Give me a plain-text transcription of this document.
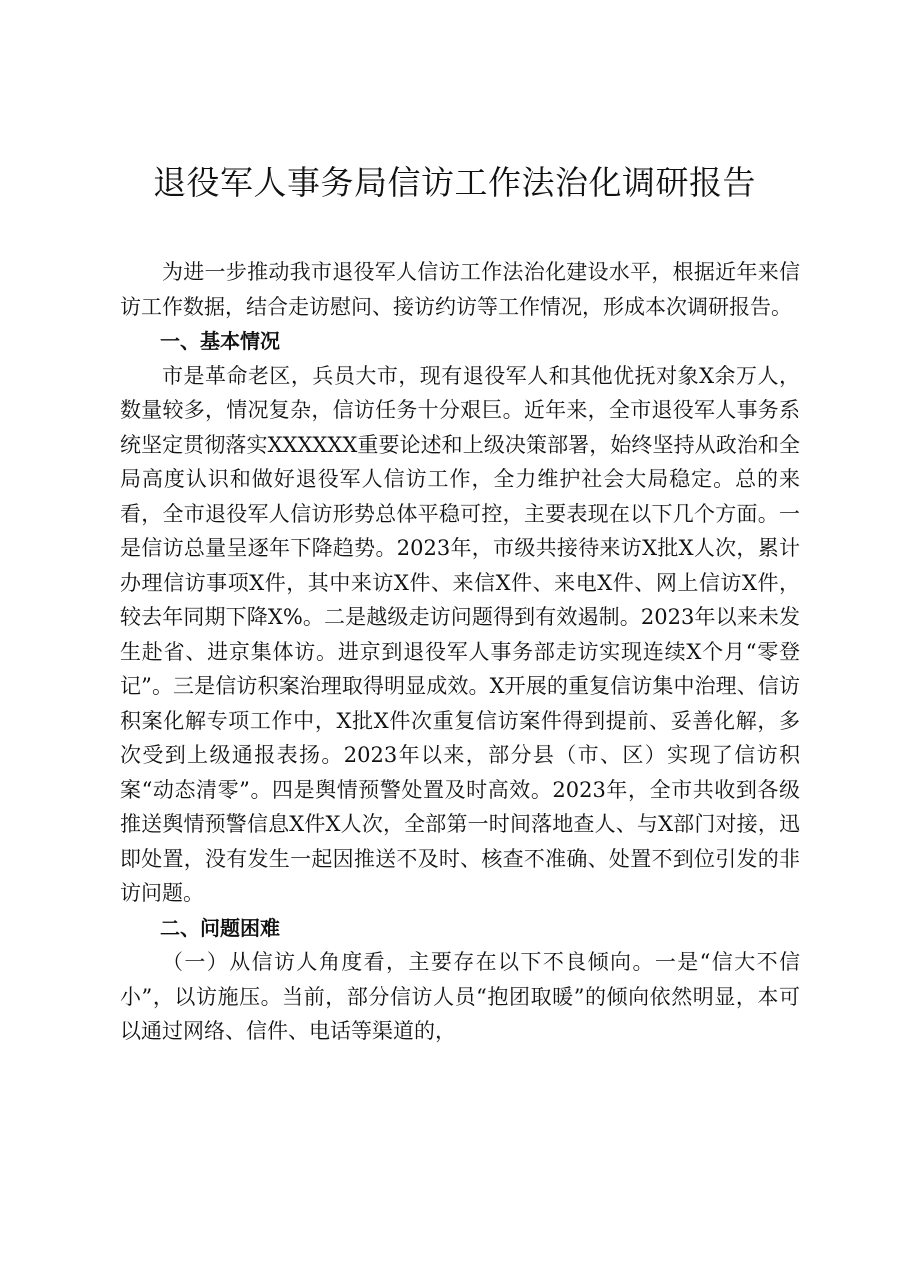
退役军人事务局信访工作法治化调研报告

为进一步推动我市退役军人信访工作法治化建设水平，根据近年来信访工作数据，结合走访慰问、接访约访等工作情况，形成本次调研报告。

一、基本情况

市是革命老区，兵员大市，现有退役军人和其他优抚对象X余万人，数量较多，情况复杂，信访任务十分艰巨。近年来，全市退役军人事务系统坚定贯彻落实XXXXXX重要论述和上级决策部署，始终坚持从政治和全局高度认识和做好退役军人信访工作，全力维护社会大局稳定。总的来看，全市退役军人信访形势总体平稳可控，主要表现在以下几个方面。一是信访总量呈逐年下降趋势。2023年，市级共接待来访X批X人次，累计办理信访事项X件，其中来访X件、来信X件、来电X件、网上信访X件，较去年同期下降X%。二是越级走访问题得到有效遏制。2023年以来未发生赴省、进京集体访。进京到退役军人事务部走访实现连续X个月“零登记”。三是信访积案治理取得明显成效。X开展的重复信访集中治理、信访积案化解专项工作中，X批X件次重复信访案件得到提前、妥善化解，多次受到上级通报表扬。2023年以来，部分县（市、区）实现了信访积案“动态清零”。四是舆情预警处置及时高效。2023年，全市共收到各级推送舆情预警信息X件X人次，全部第一时间落地查人、与X部门对接，迅即处置，没有发生一起因推送不及时、核查不准确、处置不到位引发的非访问题。

二、问题困难

（一）从信访人角度看，主要存在以下不良倾向。一是“信大不信小”，以访施压。当前，部分信访人员“抱团取暖”的倾向依然明显，本可以通过网络、信件、电话等渠道的，
